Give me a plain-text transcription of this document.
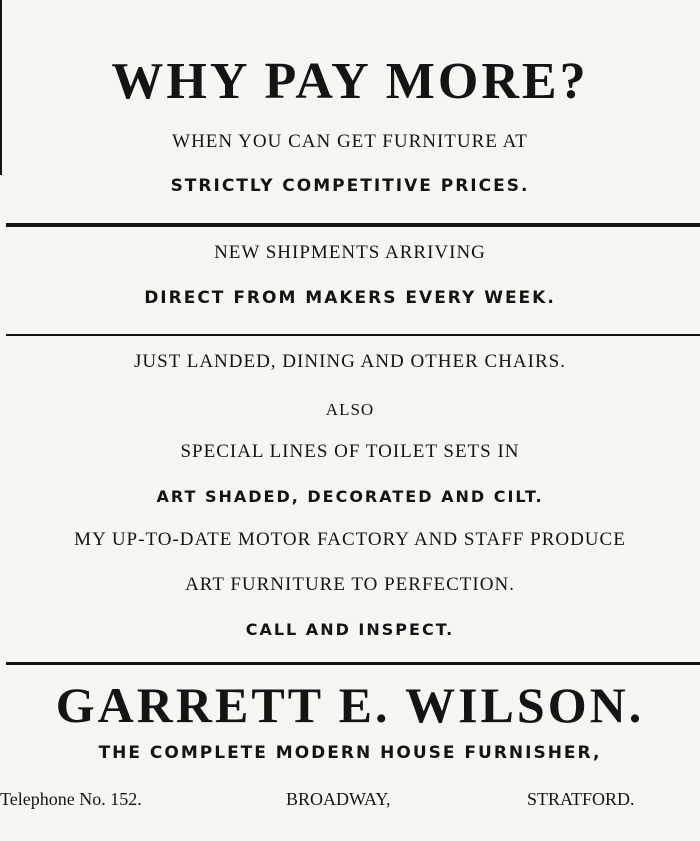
WHY PAY MORE?
WHEN YOU CAN GET FURNITURE AT
STRICTLY COMPETITIVE PRICES.
NEW SHIPMENTS ARRIVING
DIRECT FROM MAKERS EVERY WEEK.
JUST LANDED, DINING AND OTHER CHAIRS.
ALSO
SPECIAL LINES OF TOILET SETS IN
ART SHADED, DECORATED AND CILT.
MY UP-TO-DATE MOTOR FACTORY AND STAFF PRODUCE
ART FURNITURE TO PERFECTION.
CALL AND INSPECT.
GARRETT E. WILSON.
THE COMPLETE MODERN HOUSE FURNISHER,
Telephone No. 152.	BROADWAY,	STRATFORD.
